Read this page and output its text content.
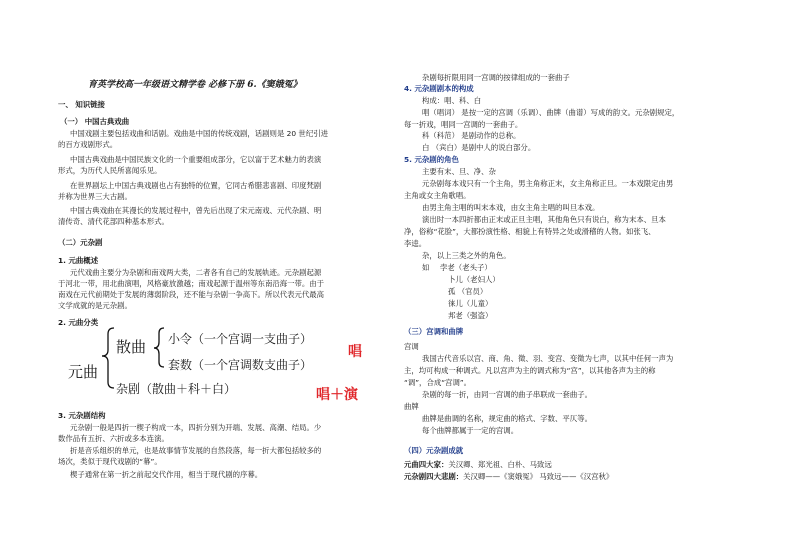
育英学校高一年级语文精学卷 必修下册 6.《窦娥冤》
一、 知识链接
（一） 中国古典戏曲
中国戏剧主要包括戏曲和话剧。戏曲是中国的传统戏剧，话剧则是 20 世纪引进
的百方戏剧形式。
中国古典戏曲是中国民族文化的一个重要组成部分，它以富于艺术魅力的表演
形式，为历代人民所喜闻乐见。
在世界剧坛上中国古典戏剧也占有独特的位置，它同古希腊悲喜剧、印度梵剧
并称为世界三大古剧。
中国古典戏曲在其漫长的发展过程中，曾先后出现了宋元南戏、元代杂剧、明
清传奇、清代花部四种基本形式。
（二）元杂剧
1. 元曲概述
元代戏曲主要分为杂剧和南戏两大类，二者各有自己的发展轨迹。元杂剧起源
于河北一带，用北曲演唱，风格豪放激越；南戏起源于温州等东南沿海一带。由于
南戏在元代前期处于发展的薄弱阶段，还不能与杂剧一争高下。所以代表元代最高
文学成就的是元杂剧。
2. 元曲分类
元曲
散曲 小令（一个宫调一支曲子）
套数（一个宫调数支曲子）
杂剧（散曲＋科＋白）
唱
唱＋演
3. 元杂剧结构
元杂剧一般是四折一楔子构成一本，四折分别为开端、发展、高潮、结局。少
数作品有五折、六折或多本连演。
折是音乐组织的单元，也是故事情节发展的自然段落，每一折大都包括较多的
场次，类似于现代戏剧的“幕”。
楔子通常在第一折之前起交代作用，相当于现代剧的序幕。
杂剧每折限用同一宫调的按律组成的一套曲子
4. 元杂剧剧本的构成
构成：唱、科、白
唱（唱词） 是按一定的宫调（乐调）、曲牌（曲谱）写成的韵文。元杂剧规定，
每一折戏，唱同一宫调的一套曲子。
科（科范） 是剧动作的总称。
白 （宾白）是剧中人的说白部分。
5. 元杂剧的角色
主要有末、旦、净、杂
元杂剧每本戏只有一个主角，男主角称正末，女主角称正旦。一本戏限定由男
主角或女主角歌唱。
由男主角主唱的叫末本戏，由女主角主唱的叫旦本戏。
演出时一本四折都由正末或正旦主唱，其他角色只有说白，称为末本、旦本
净，俗称“花脸”，大都扮演性格、相貌上有特异之处或滑稽的人物。如张飞、
李逵。
杂，以上三类之外的角色。
如 孛老（老头子）
卜儿（老妇人）
孤 （官员）
徕儿（儿童）
邦老（强盗）
（三）宫调和曲牌
宫调
我国古代音乐以宫、商、角、徵、羽、变宫、变徵为七声，以其中任何一声为
主，均可构成一种调式。凡以宫声为主的调式称为“宫”，以其他各声为主的称
“调”，合成“宫调”。
杂剧的每一折，由同一宫调的曲子串联成一套曲子。
曲牌
曲牌是曲调的名称，规定曲的格式、字数、平仄等。
每个曲牌都属于一定的宫调。
（四）元杂剧成就
元曲四大家：关汉卿、郑光祖、白朴、马致远
元杂剧四大悲剧：关汉卿——《窦娥冤》 马致远——《汉宫秋》
